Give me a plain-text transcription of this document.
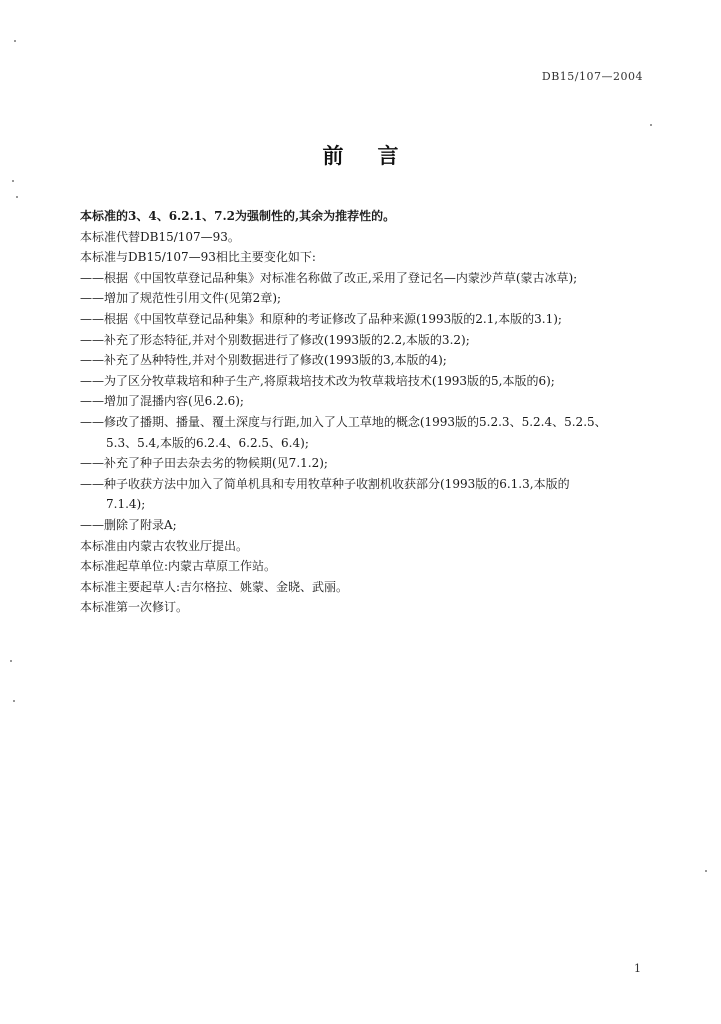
DB15/107—2004
前言
本标准的3、4、6.2.1、7.2为强制性的,其余为推荐性的。
本标准代替DB15/107—93。
本标准与DB15/107—93相比主要变化如下:
——根据《中国牧草登记品种集》对标准名称做了改正,采用了登记名—内蒙沙芦草(蒙古冰草);
——增加了规范性引用文件(见第2章);
——根据《中国牧草登记品种集》和原种的考证修改了品种来源(1993版的2.1,本版的3.1);
——补充了形态特征,并对个别数据进行了修改(1993版的2.2,本版的3.2);
——补充了丛种特性,并对个别数据进行了修改(1993版的3,本版的4);
——为了区分牧草栽培和种子生产,将原栽培技术改为牧草栽培技术(1993版的5,本版的6);
——增加了混播内容(见6.2.6);
——修改了播期、播量、覆土深度与行距,加入了人工草地的概念(1993版的5.2.3、5.2.4、5.2.5、
5.3、5.4,本版的6.2.4、6.2.5、6.4);
——补充了种子田去杂去劣的物候期(见7.1.2);
——种子收获方法中加入了简单机具和专用牧草种子收割机收获部分(1993版的6.1.3,本版的
7.1.4);
——删除了附录A;
本标准由内蒙古农牧业厅提出。
本标准起草单位:内蒙古草原工作站。
本标准主要起草人:吉尔格拉、姚蒙、金晓、武丽。
本标准第一次修订。
1
